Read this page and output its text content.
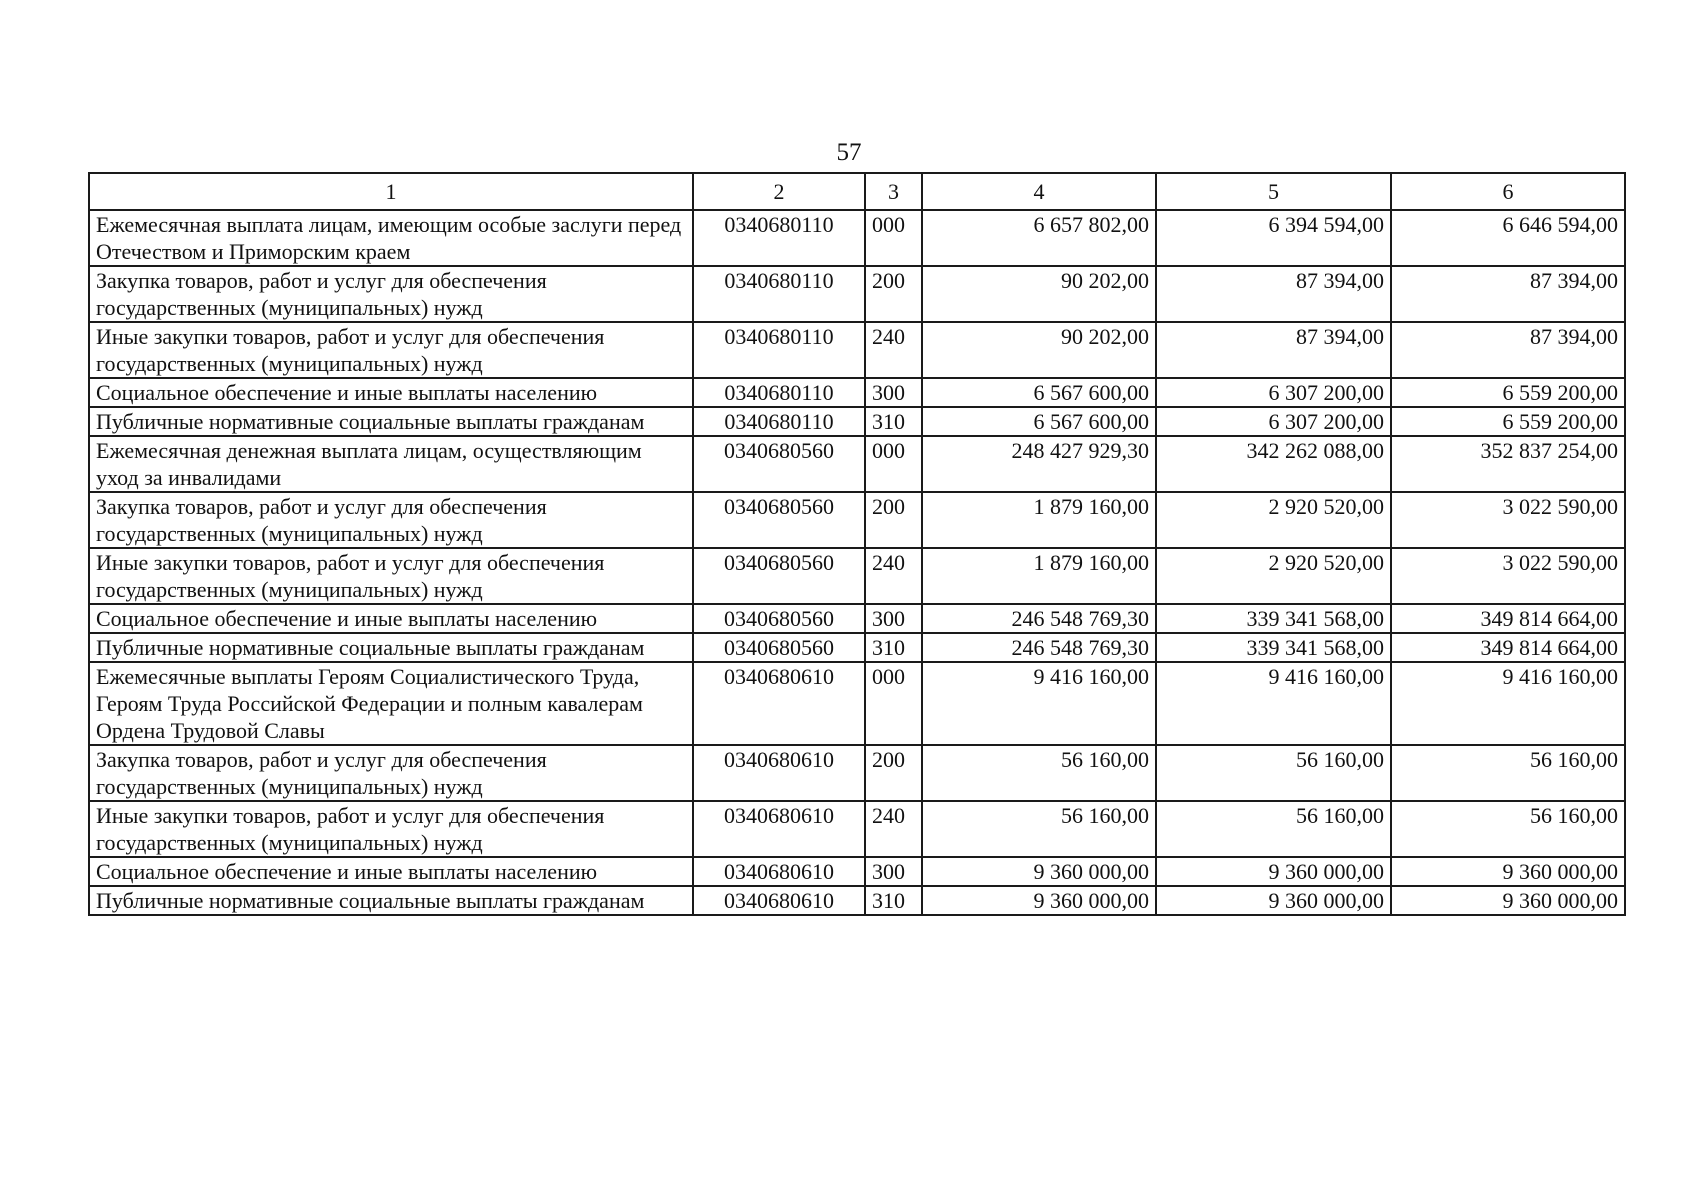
57
1	2	3	4	5	6
Ежемесячная выплата лицам, имеющим особые заслуги перед Отечеством и Приморским краем	0340680110	000	6 657 802,00	6 394 594,00	6 646 594,00
Закупка товаров, работ и услуг для обеспечения государственных (муниципальных) нужд	0340680110	200	90 202,00	87 394,00	87 394,00
Иные закупки товаров, работ и услуг для обеспечения государственных (муниципальных) нужд	0340680110	240	90 202,00	87 394,00	87 394,00
Социальное обеспечение и иные выплаты населению	0340680110	300	6 567 600,00	6 307 200,00	6 559 200,00
Публичные нормативные социальные выплаты гражданам	0340680110	310	6 567 600,00	6 307 200,00	6 559 200,00
Ежемесячная денежная выплата лицам, осуществляющим уход за инвалидами	0340680560	000	248 427 929,30	342 262 088,00	352 837 254,00
Закупка товаров, работ и услуг для обеспечения государственных (муниципальных) нужд	0340680560	200	1 879 160,00	2 920 520,00	3 022 590,00
Иные закупки товаров, работ и услуг для обеспечения государственных (муниципальных) нужд	0340680560	240	1 879 160,00	2 920 520,00	3 022 590,00
Социальное обеспечение и иные выплаты населению	0340680560	300	246 548 769,30	339 341 568,00	349 814 664,00
Публичные нормативные социальные выплаты гражданам	0340680560	310	246 548 769,30	339 341 568,00	349 814 664,00
Ежемесячные выплаты Героям Социалистического Труда, Героям Труда Российской Федерации и полным кавалерам Ордена Трудовой Славы	0340680610	000	9 416 160,00	9 416 160,00	9 416 160,00
Закупка товаров, работ и услуг для обеспечения государственных (муниципальных) нужд	0340680610	200	56 160,00	56 160,00	56 160,00
Иные закупки товаров, работ и услуг для обеспечения государственных (муниципальных) нужд	0340680610	240	56 160,00	56 160,00	56 160,00
Социальное обеспечение и иные выплаты населению	0340680610	300	9 360 000,00	9 360 000,00	9 360 000,00
Публичные нормативные социальные выплаты гражданам	0340680610	310	9 360 000,00	9 360 000,00	9 360 000,00
